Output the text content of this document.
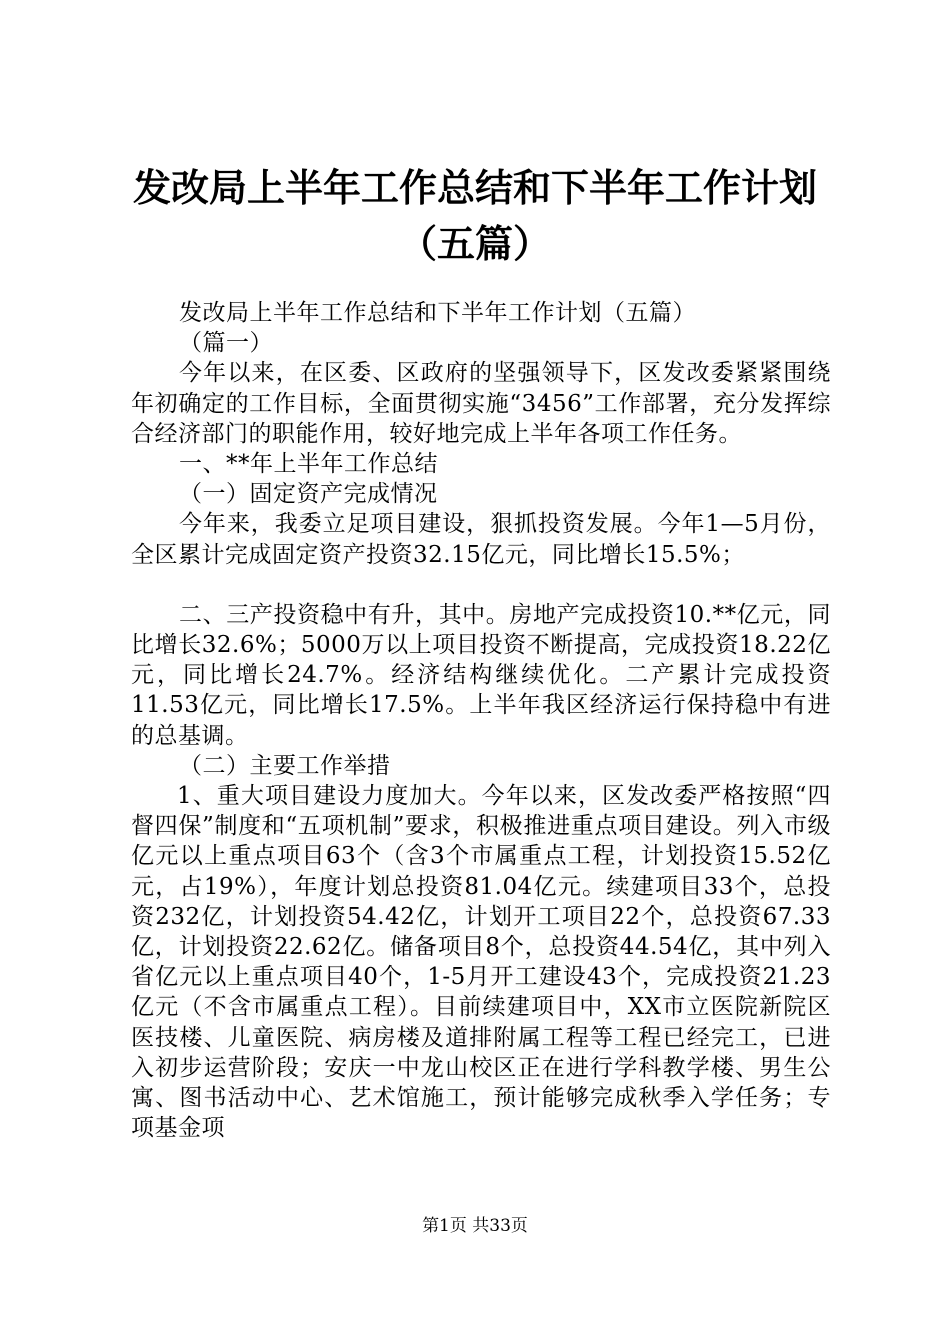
发改局上半年工作总结和下半年工作计划（五篇）

发改局上半年工作总结和下半年工作计划（五篇）

（篇一）

今年以来，在区委、区政府的坚强领导下，区发改委紧紧围绕年初确定的工作目标，全面贯彻实施“3456”工作部署，充分发挥综合经济部门的职能作用，较好地完成上半年各项工作任务。

一、**年上半年工作总结

（一）固定资产完成情况

今年来，我委立足项目建设，狠抓投资发展。今年1—5月份，全区累计完成固定资产投资32.15亿元，同比增长15.5%；

二、三产投资稳中有升，其中。房地产完成投资10.**亿元，同比增长32.6%；5000万以上项目投资不断提高，完成投资18.22亿元，同比增长24.7%。经济结构继续优化。二产累计完成投资11.53亿元，同比增长17.5%。上半年我区经济运行保持稳中有进的总基调。

（二）主要工作举措

1、重大项目建设力度加大。今年以来，区发改委严格按照“四督四保”制度和“五项机制”要求，积极推进重点项目建设。列入市级亿元以上重点项目63个（含3个市属重点工程，计划投资15.52亿元，占19%），年度计划总投资81.04亿元。续建项目33个，总投资232亿，计划投资54.42亿，计划开工项目22个，总投资67.33亿，计划投资22.62亿。储备项目8个，总投资44.54亿，其中列入省亿元以上重点项目40个，1-5月开工建设43个，完成投资21.23亿元（不含市属重点工程）。目前续建项目中，XX市立医院新院区医技楼、儿童医院、病房楼及道排附属工程等工程已经完工，已进入初步运营阶段；安庆一中龙山校区正在进行学科教学楼、男生公寓、图书活动中心、艺术馆施工，预计能够完成秋季入学任务；专项基金项

第1页 共33页
